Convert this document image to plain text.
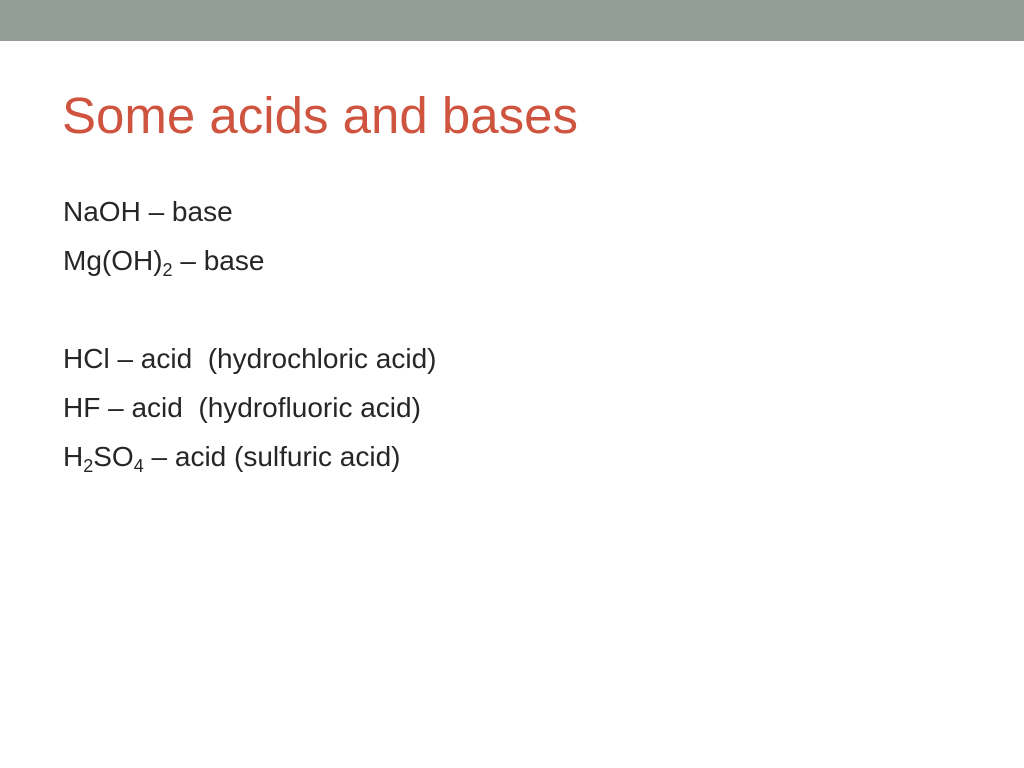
Some acids and bases
NaOH – base
$Mg(OH)_2$ – base
HCl – acid  (hydrochloric acid)
HF – acid  (hydrofluoric acid)
$H_2SO_4$ – acid (sulfuric acid)
